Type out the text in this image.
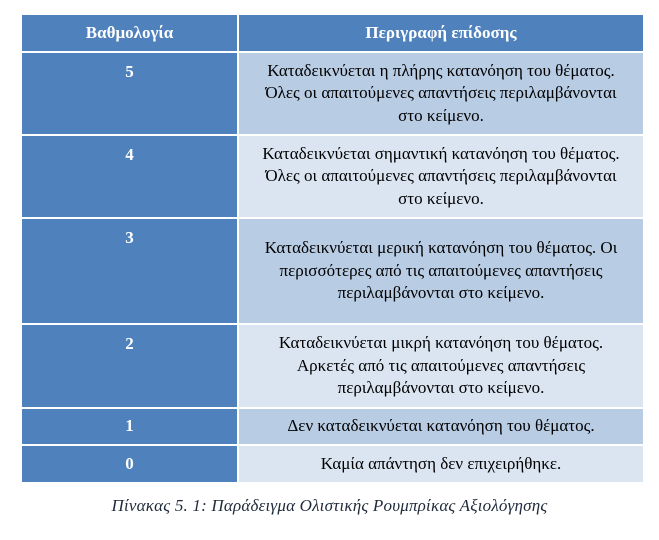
Βαθμολογία	Περιγραφή επίδοσης
5	Καταδεικνύεται η πλήρης κατανόηση του θέματος. Όλες οι απαιτούμενες απαντήσεις περιλαμβάνονται στο κείμενο.
4	Καταδεικνύεται σημαντική κατανόηση του θέματος. Όλες οι απαιτούμενες απαντήσεις περιλαμβάνονται στο κείμενο.
3	Καταδεικνύεται μερική κατανόηση του θέματος. Οι περισσότερες από τις απαιτούμενες απαντήσεις περιλαμβάνονται στο κείμενο.
2	Καταδεικνύεται μικρή κατανόηση του θέματος. Αρκετές από τις απαιτούμενες απαντήσεις περιλαμβάνονται στο κείμενο.
1	Δεν καταδεικνύεται κατανόηση του θέματος.
0	Καμία απάντηση δεν επιχειρήθηκε.
Πίνακας 5. 1: Παράδειγμα Ολιστικής Ρουμπρίκας Αξιολόγησης
